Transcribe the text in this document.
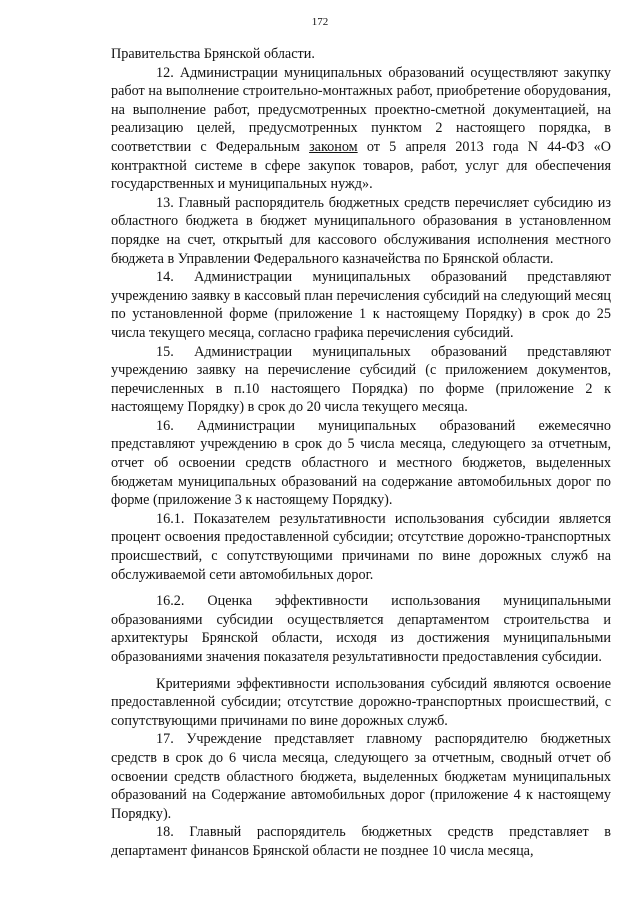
172

Правительства Брянской области.

12. Администрации муниципальных образований осуществляют закупку работ на выполнение строительно-монтажных работ, приобретение оборудования, на выполнение работ, предусмотренных проектно-сметной документацией, на реализацию целей, предусмотренных пунктом 2 настоящего порядка, в соответствии с Федеральным законом от 5 апреля 2013 года N 44-ФЗ «О контрактной системе в сфере закупок товаров, работ, услуг для обеспечения государственных и муниципальных нужд».

13. Главный распорядитель бюджетных средств перечисляет субсидию из областного бюджета в бюджет муниципального образования в установленном порядке на счет, открытый для кассового обслуживания исполнения местного бюджета в Управлении Федерального казначейства по Брянской области.

14. Администрации муниципальных образований представляют учреждению заявку в кассовый план перечисления субсидий на следующий месяц по установленной форме (приложение 1 к настоящему Порядку) в срок до 25 числа текущего месяца, согласно графика перечисления субсидий.

15. Администрации муниципальных образований представляют учреждению заявку на перечисление субсидий (с приложением документов, перечисленных в п.10 настоящего Порядка) по форме (приложение 2 к настоящему Порядку) в срок до 20 числа текущего месяца.

16. Администрации муниципальных образований ежемесячно представляют учреждению в срок до 5 числа месяца, следующего за отчетным, отчет об освоении средств областного и местного бюджетов, выделенных бюджетам муниципальных образований на содержание автомобильных дорог по форме (приложение 3 к настоящему Порядку).

16.1. Показателем результативности использования субсидии является процент освоения предоставленной субсидии; отсутствие дорожно-транспортных происшествий, с сопутствующими причинами по вине дорожных служб на обслуживаемой сети автомобильных дорог.

16.2. Оценка эффективности использования муниципальными образованиями субсидии осуществляется департаментом строительства и архитектуры Брянской области, исходя из достижения муниципальными образованиями значения показателя результативности предоставления субсидии.

Критериями эффективности использования субсидий являются освоение предоставленной субсидии; отсутствие дорожно-транспортных происшествий, с сопутствующими причинами по вине дорожных служб.

17. Учреждение представляет главному распорядителю бюджетных средств в срок до 6 числа месяца, следующего за отчетным, сводный отчет об освоении средств областного бюджета, выделенных бюджетам муниципальных образований на Содержание автомобильных дорог (приложение 4 к настоящему Порядку).

18. Главный распорядитель бюджетных средств представляет в департамент финансов Брянской области не позднее 10 числа месяца,
